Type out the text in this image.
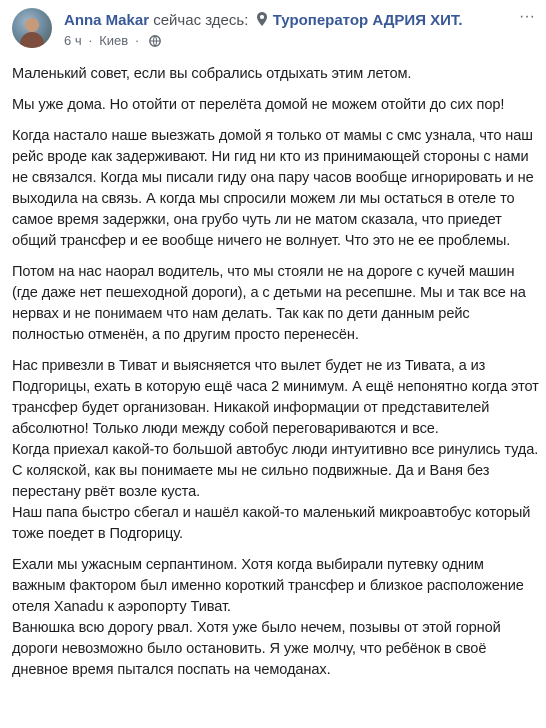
Anna Makar сейчас здесь: Туроператор АДРИЯ ХИТ.
6 ч · Киев ·
···

Маленький совет, если вы собрались отдыхать этим летом.

Мы уже дома. Но отойти от перелёта домой не можем отойти до сих пор!

Когда настало наше выезжать домой я только от мамы с смс узнала, что наш рейс вроде как задерживают. Ни гид ни кто из принимающей стороны с нами не связался. Когда мы писали гиду она пару часов вообще игнорировать и не выходила на связь. А когда мы спросили можем ли мы остаться в отеле то самое время задержки, она грубо чуть ли не матом сказала, что приедет общий трансфер и ее вообще ничего не волнует. Что это не ее проблемы.

Потом на нас наорал водитель, что мы стояли не на дороге с кучей машин (где даже нет пешеходной дороги), а с детьми на ресепшне. Мы и так все на нервах и не понимаем что нам делать. Так как по дети данным рейс полностью отменён, а по другим просто перенесён.

Нас привезли в Тиват и выясняется что вылет будет не из Тивата, а из Подгорицы, ехать в которую ещё часа 2 минимум. А ещё непонятно когда этот трансфер будет организован. Никакой информации от представителей абсолютно! Только люди между собой переговариваются и все.
Когда приехал какой-то большой автобус люди интуитивно все ринулись туда. С коляской, как вы понимаете мы не сильно подвижные. Да и Ваня без перестану рвёт возле куста.
Наш папа быстро сбегал и нашёл какой-то маленький микроавтобус который тоже поедет в Подгорицу.

Ехали мы ужасным серпантином. Хотя когда выбирали путевку одним важным фактором был именно короткий трансфер и близкое расположение отеля Xanadu к аэропорту Тиват.
Ванюшка всю дорогу рвал. Хотя уже было нечем, позывы от этой горной дороги невозможно было остановить. Я уже молчу, что ребёнок в своё дневное время пытался поспать на чемоданах.
